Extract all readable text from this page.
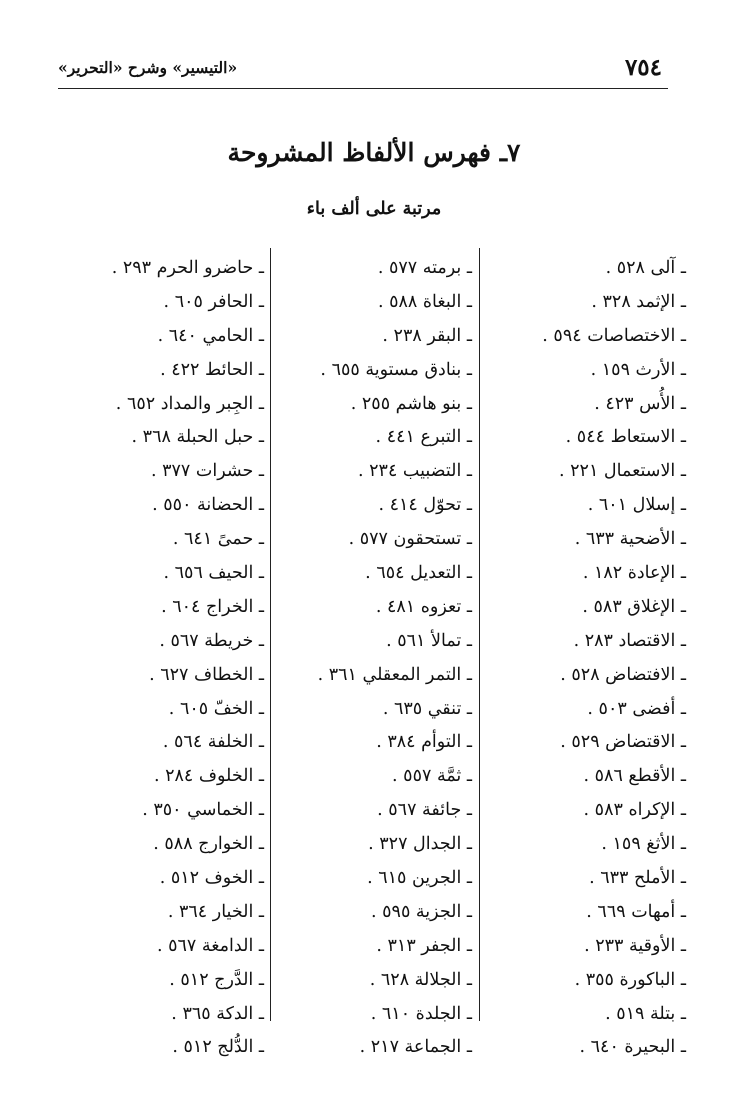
٧٥٤
«التيسير» وشرح «التحرير»
٧ـ فهرس الألفاظ المشروحة
مرتبة على ألف باء
ـ آلى ٥٢٨ .
ـ الإثمد ٣٢٨ .
ـ الاختصاصات ٥٩٤ .
ـ الأرث ١٥٩ .
ـ الأُس ٤٢٣ .
ـ الاستعاط ٥٤٤ .
ـ الاستعمال ٢٢١ .
ـ إسلال ٦٠١ .
ـ الأضحية ٦٣٣ .
ـ الإعادة ١٨٢ .
ـ الإغلاق ٥٨٣ .
ـ الاقتصاد ٢٨٣ .
ـ الافتضاض ٥٢٨ .
ـ أفضى ٥٠٣ .
ـ الاقتضاض ٥٢٩ .
ـ الأقطع ٥٨٦ .
ـ الإكراه ٥٨٣ .
ـ الأثغ ١٥٩ .
ـ الأملح ٦٣٣ .
ـ أمهات ٦٦٩ .
ـ الأوقية ٢٣٣ .
ـ الباكورة ٣٥٥ .
ـ بتلة ٥١٩ .
ـ البحيرة ٦٤٠ .
ـ برمته ٥٧٧ .
ـ البغاة ٥٨٨ .
ـ البقر ٢٣٨ .
ـ بنادق مستوية ٦٥٥ .
ـ بنو هاشم ٢٥٥ .
ـ التبرع ٤٤١ .
ـ التضبيب ٢٣٤ .
ـ تحوّل ٤١٤ .
ـ تستحقون ٥٧٧ .
ـ التعديل ٦٥٤ .
ـ تعزوه ٤٨١ .
ـ تمالأ ٥٦١ .
ـ التمر المعقلي ٣٦١ .
ـ تنقي ٦٣٥ .
ـ التوأم ٣٨٤ .
ـ ثمَّة ٥٥٧ .
ـ جائفة ٥٦٧ .
ـ الجدال ٣٢٧ .
ـ الجرين ٦١٥ .
ـ الجزية ٥٩٥ .
ـ الجفر ٣١٣ .
ـ الجلالة ٦٢٨ .
ـ الجلدة ٦١٠ .
ـ الجماعة ٢١٧ .
ـ حاضرو الحرم ٢٩٣ .
ـ الحافر ٦٠٥ .
ـ الحامي ٦٤٠ .
ـ الحائط ٤٢٢ .
ـ الجِبر والمداد ٦٥٢ .
ـ حبل الحبلة ٣٦٨ .
ـ حشرات ٣٧٧ .
ـ الحضانة ٥٥٠ .
ـ حمىً ٦٤١ .
ـ الحيف ٦٥٦ .
ـ الخراج ٦٠٤ .
ـ خريطة ٥٦٧ .
ـ الخطاف ٦٢٧ .
ـ الخفّ ٦٠٥ .
ـ الخلفة ٥٦٤ .
ـ الخلوف ٢٨٤ .
ـ الخماسي ٣٥٠ .
ـ الخوارج ٥٨٨ .
ـ الخوف ٥١٢ .
ـ الخيار ٣٦٤ .
ـ الدامغة ٥٦٧ .
ـ الدَّرج ٥١٢ .
ـ الدكة ٣٦٥ .
ـ الدُّلج ٥١٢ .
